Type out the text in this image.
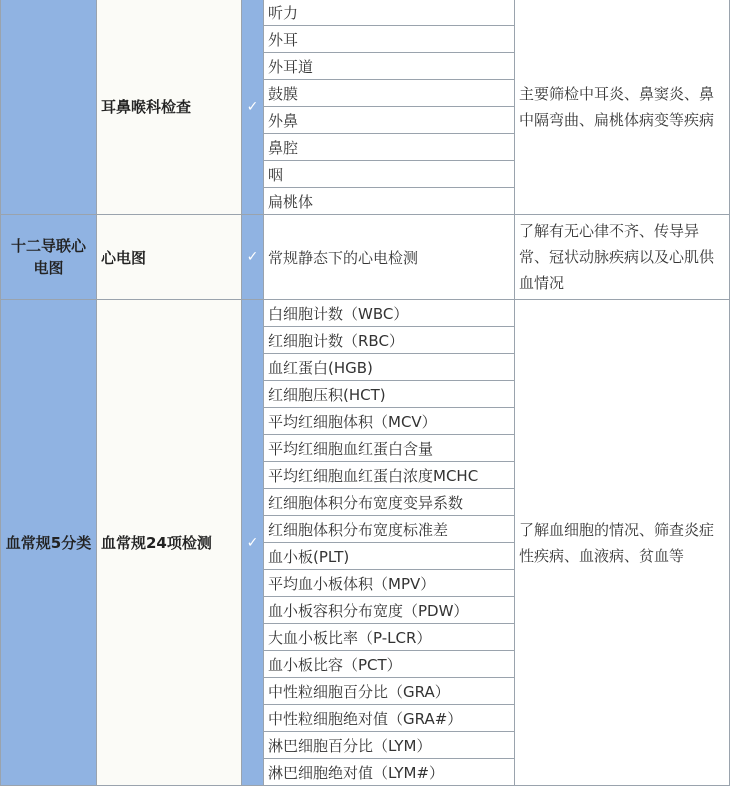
	耳鼻喉科检查	✓	听力	主要筛检中耳炎、鼻窦炎、鼻中隔弯曲、扁桃体病变等疾病
			外耳	
			外耳道	
			鼓膜	
			外鼻	
			鼻腔	
			咽	
			扁桃体	
十二导联心电图	心电图	✓	常规静态下的心电检测	了解有无心律不齐、传导异常、冠状动脉疾病以及心肌供血情况
血常规5分类	血常规24项检测	✓	白细胞计数（WBC）	了解血细胞的情况、筛查炎症性疾病、血液病、贫血等
			红细胞计数（RBC）	
			血红蛋白(HGB)	
			红细胞压积(HCT)	
			平均红细胞体积（MCV）	
			平均红细胞血红蛋白含量	
			平均红细胞血红蛋白浓度MCHC	
			红细胞体积分布宽度变异系数	
			红细胞体积分布宽度标准差	
			血小板(PLT)	
			平均血小板体积（MPV）	
			血小板容积分布宽度（PDW）	
			大血小板比率（P-LCR）	
			血小板比容（PCT）	
			中性粒细胞百分比（GRA）	
			中性粒细胞绝对值（GRA#）	
			淋巴细胞百分比（LYM）	
			淋巴细胞绝对值（LYM#）	
